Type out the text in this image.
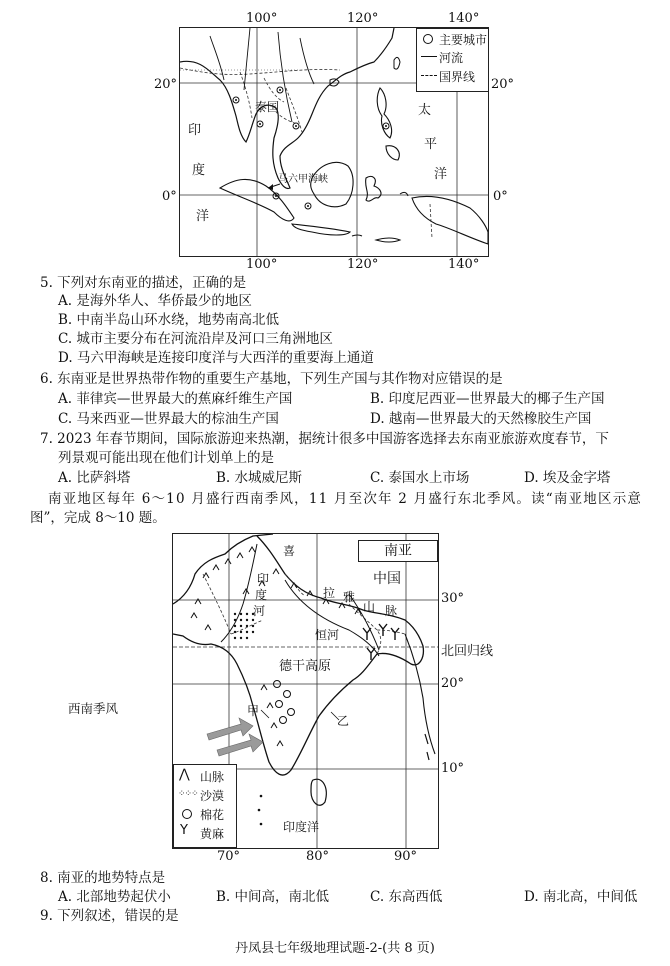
100°	120°	140°
20°
0°
20°
0°
100°	120°	140°
泰国
印
度
洋
太
平
洋
马六甲海峡
主要城市
河流
国界线
5. 下列对东南亚的描述，正确的是
A. 是海外华人、华侨最少的地区
B. 中南半岛山环水绕，地势南高北低
C. 城市主要分布在河流沿岸及河口三角洲地区
D. 马六甲海峡是连接印度洋与大西洋的重要海上通道
6. 东南亚是世界热带作物的重要生产基地，下列生产国与其作物对应错误的是
A. 菲律宾—世界最大的蕉麻纤维生产国	B. 印度尼西亚—世界最大的椰子生产国
C. 马来西亚—世界最大的棕油生产国	D. 越南—世界最大的天然橡胶生产国
7. 2023 年春节期间，国际旅游迎来热潮，据统计很多中国游客选择去东南亚旅游欢度春节，下
列景观可能出现在他们计划单上的是
A. 比萨斜塔	B. 水城威尼斯	C. 泰国水上市场	D. 埃及金字塔
南亚地区每年 6～10 月盛行西南季风，11 月至次年 2 月盛行东北季风。读“南亚地区示意
图”，完成 8～10 题。
南亚
中国
喜
拉 雅
山 脉
印
度
河
恒河
德干高原
甲
乙
印度洋
⋀ 山脉
⁘⁘⁘ 沙漠
棉花
Y 黄麻
西南季风
30°
北回归线
20°
10°
70°	80°	90°
8. 南亚的地势特点是
A. 北部地势起伏小	B. 中间高，南北低	C. 东高西低	D. 南北高，中间低
9. 下列叙述，错误的是
丹凤县七年级地理试题-2-(共 8 页)
